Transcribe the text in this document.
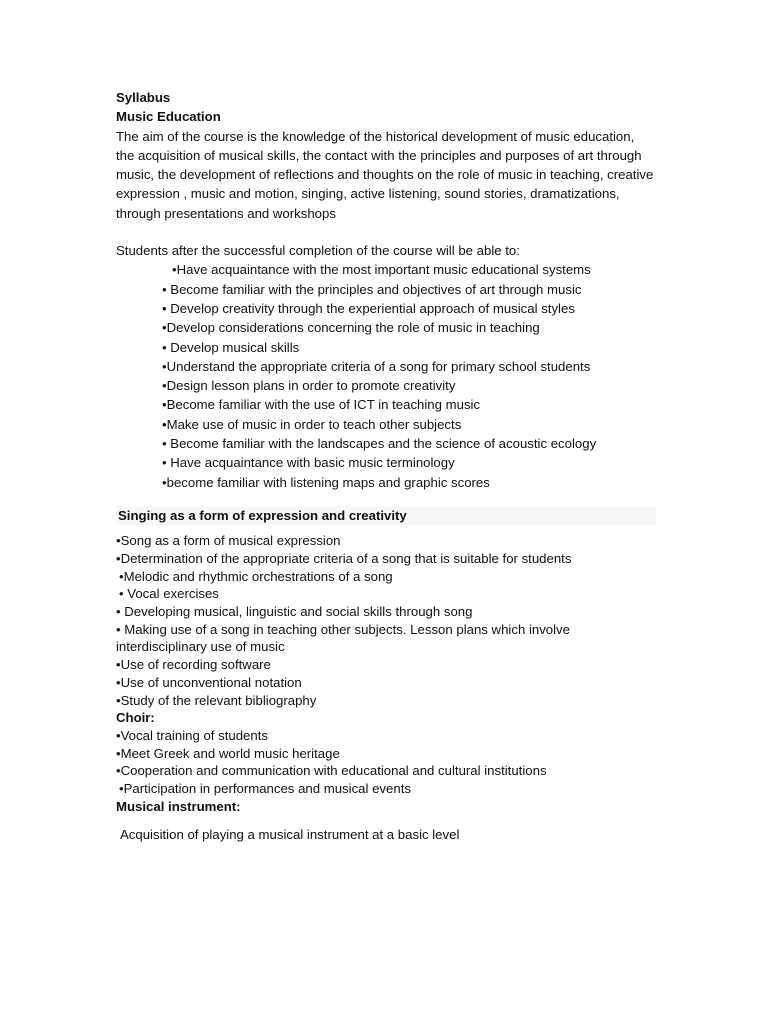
Syllabus
Music Education

The aim of the course is the knowledge of the historical development of music education, the acquisition of musical skills, the contact with the principles and purposes of art through music, the development of reflections and thoughts on the role of music in teaching, creative expression , music and motion, singing, active listening, sound stories, dramatizations, through presentations and workshops

Students after the successful completion of the course will be able to:

•Have acquaintance with the most important music educational systems
• Become familiar with the principles and objectives of art through music
• Develop creativity through the experiential approach of musical styles
•Develop considerations concerning the role of music in teaching
• Develop musical skills
•Understand the appropriate criteria of a song for primary school students
•Design lesson plans in order to promote creativity
•Become familiar with the use of ICT in teaching music
•Make use of music in order to teach other subjects
• Become familiar with the landscapes and the science of acoustic ecology
• Have acquaintance with basic music terminology
•become familiar with listening maps and graphic scores
Singing as a form of expression and creativity
•Song as a form of musical expression
•Determination of the appropriate criteria of a song that is suitable for students
•Melodic and rhythmic orchestrations of a song
• Vocal exercises
• Developing musical, linguistic and social skills through song
• Making use of a song in teaching other subjects. Lesson plans which involve interdisciplinary use of music
•Use of recording software
•Use of unconventional notation
•Study of the relevant bibliography
Choir:
•Vocal training of students
•Meet Greek and world music heritage
•Cooperation and communication with educational and cultural institutions
•Participation in performances and musical events
Musical instrument:

Acquisition of playing a musical instrument at a basic level
